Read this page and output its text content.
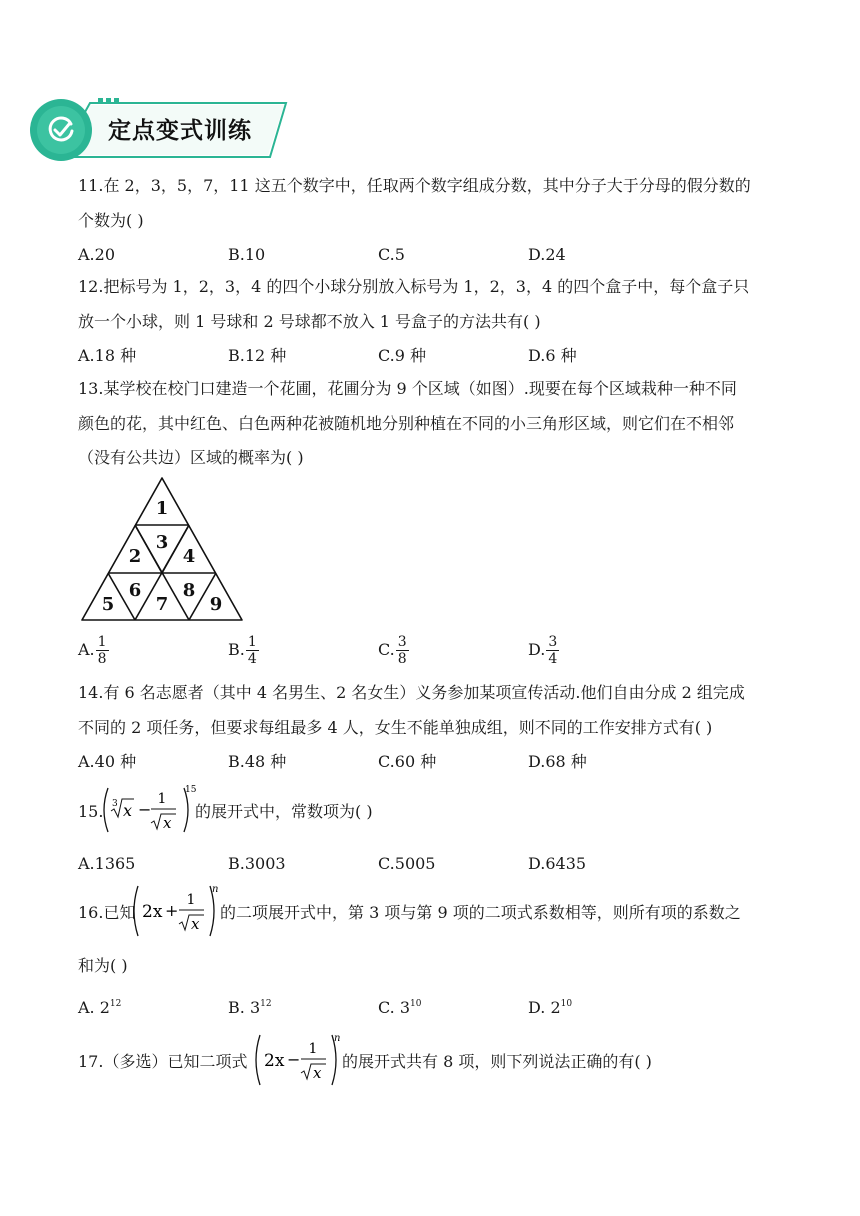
定点变式训练
11.在 2，3，5，7，11 这五个数字中，任取两个数字组成分数，其中分子大于分母的假分数的
个数为( )
A.20	B.10	C.5	D.24
12.把标号为 1，2，3，4 的四个小球分别放入标号为 1，2，3，4 的四个盒子中，每个盒子只
放一个小球，则 1 号球和 2 号球都不放入 1 号盒子的方法共有( )
A.18 种	B.12 种	C.9 种	D.6 种
13.某学校在校门口建造一个花圃，花圃分为 9 个区域（如图）.现要在每个区域栽种一种不同
颜色的花，其中红色、白色两种花被随机地分别种植在不同的小三角形区域，则它们在不相邻
（没有公共边）区域的概率为( )
1
2
3
4
5
6
7
8
9
A. $\frac{1}{8}$	B. $\frac{1}{4}$	C. $\frac{3}{8}$	D. $\frac{3}{4}$
14.有 6 名志愿者（其中 4 名男生、2 名女生）义务参加某项宣传活动.他们自由分成 2 组完成
不同的 2 项任务，但要求每组最多 4 人，女生不能单独成组，则不同的工作安排方式有( )
A.40 种	B.48 种	C.60 种	D.68 种
15. 3 x −
1
x
15
的展开式中，常数项为( )
A.1365	B.3003	C.5005	D.6435
16.已知 2x +
1
x
n
的二项展开式中，第 3 项与第 9 项的二项式系数相等，则所有项的系数之
和为( )
A. $2^{12}$	B. $3^{12}$	C. $3^{10}$	D. $2^{10}$
17.（多选）已知二项式 2x −
1
x
n
的展开式共有 8 项，则下列说法正确的有( )
